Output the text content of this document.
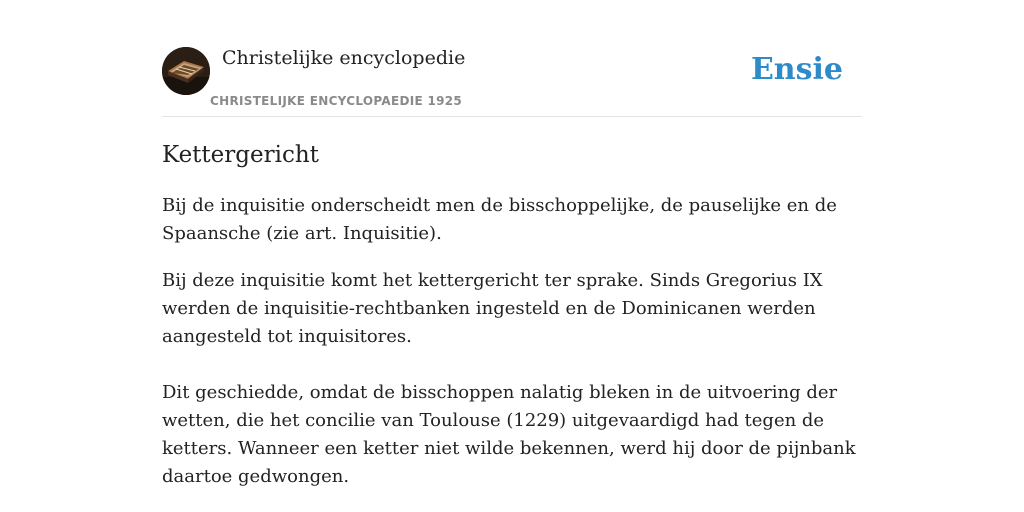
Christelijke encyclopedie
CHRISTELIJKE ENCYCLOPAEDIE 1925
Ensie
Kettergericht

Bij de inquisitie onderscheidt men de bisschoppelijke, de pauselijke en de Spaansche (zie art. Inquisitie).

Bij deze inquisitie komt het kettergericht ter sprake. Sinds Gregorius IX werden de inquisitie-rechtbanken ingesteld en de Dominicanen werden aangesteld tot inquisitores.

Dit geschiedde, omdat de bisschoppen nalatig bleken in de uitvoering der wetten, die het concilie van Toulouse (1229) uitgevaardigd had tegen de ketters. Wanneer een ketter niet wilde bekennen, werd hij door de pijnbank daartoe gedwongen.
